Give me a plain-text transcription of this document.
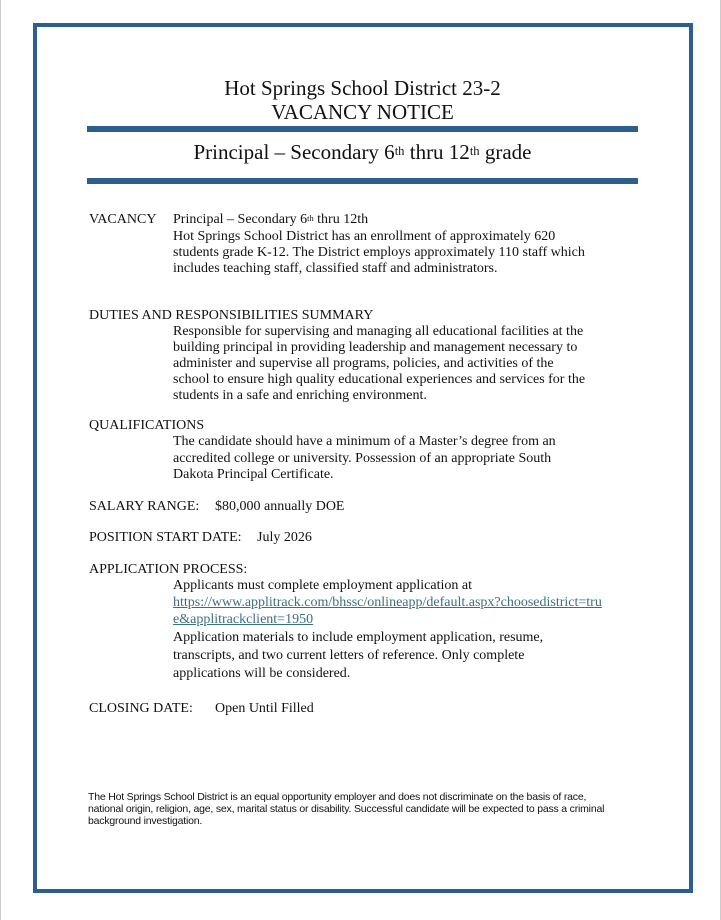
Hot Springs School District 23-2
VACANCY NOTICE
Principal – Secondary 6th thru 12th grade
VACANCY Principal – Secondary 6th thru 12th
Hot Springs School District has an enrollment of approximately 620
students grade K-12. The District employs approximately 110 staff which
includes teaching staff, classified staff and administrators.
DUTIES AND RESPONSIBILITIES SUMMARY
Responsible for supervising and managing all educational facilities at the
building principal in providing leadership and management necessary to
administer and supervise all programs, policies, and activities of the
school to ensure high quality educational experiences and services for the
students in a safe and enriching environment.
QUALIFICATIONS
The candidate should have a minimum of a Master’s degree from an
accredited college or university. Possession of an appropriate South
Dakota Principal Certificate.
SALARY RANGE: $80,000 annually DOE
POSITION START DATE: July 2026
APPLICATION PROCESS:
Applicants must complete employment application at
https://www.applitrack.com/bhssc/onlineapp/default.aspx?choosedistrict=tru
e&applitrackclient=1950
Application materials to include employment application, resume,
transcripts, and two current letters of reference. Only complete
applications will be considered.
CLOSING DATE: Open Until Filled
The Hot Springs School District is an equal opportunity employer and does not discriminate on the basis of race,
national origin, religion, age, sex, marital status or disability. Successful candidate will be expected to pass a criminal
background investigation.
